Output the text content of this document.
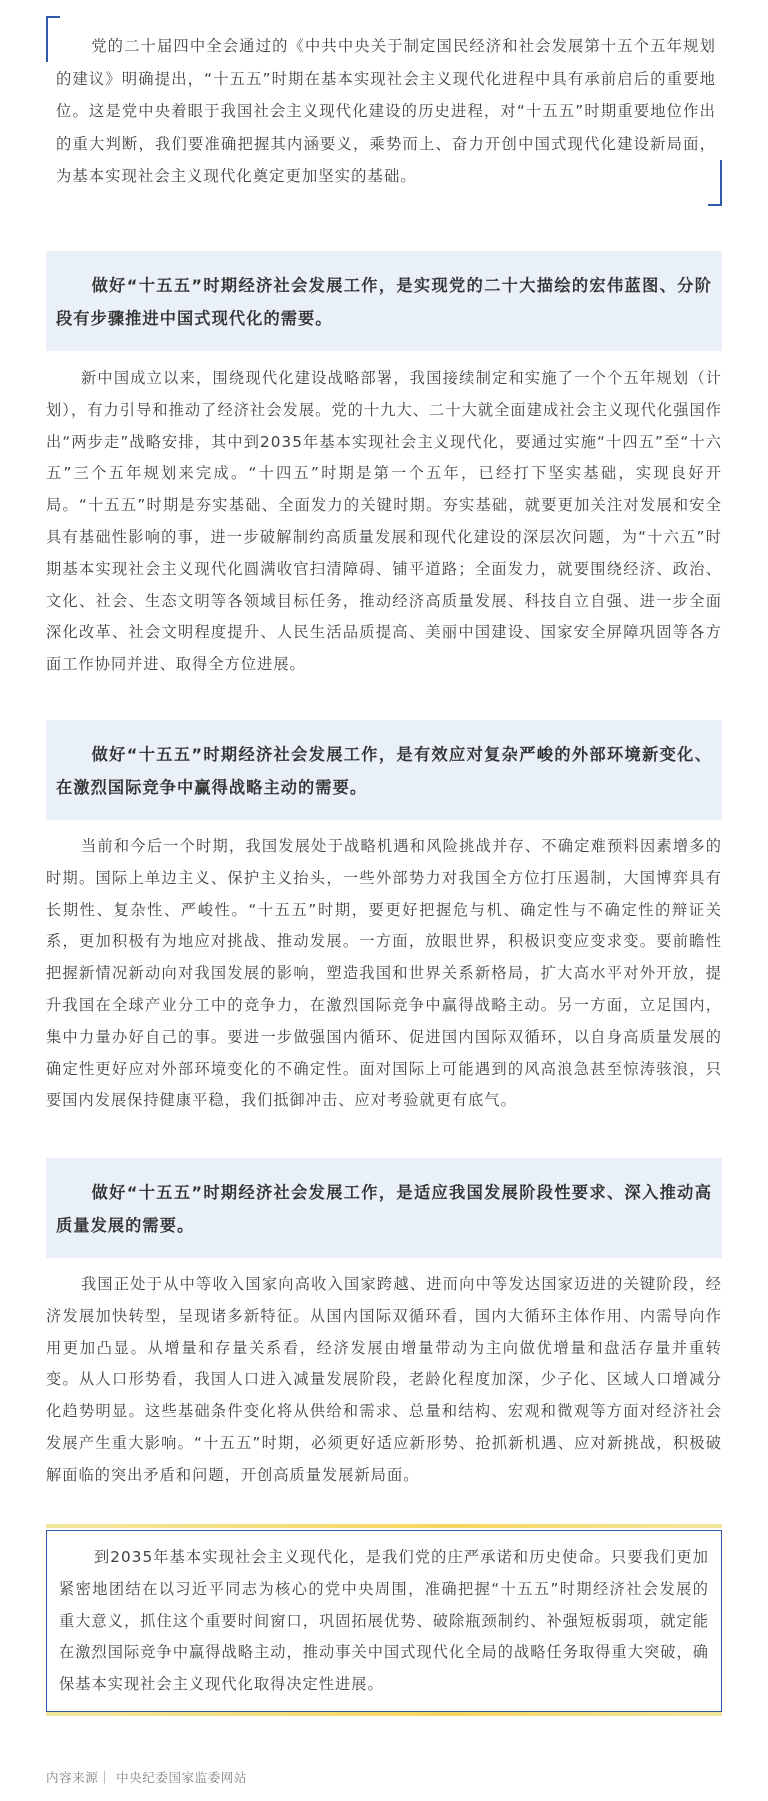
党的二十届四中全会通过的《中共中央关于制定国民经济和社会发展第十五个五年规划的建议》明确提出，“十五五”时期在基本实现社会主义现代化进程中具有承前启后的重要地位。这是党中央着眼于我国社会主义现代化建设的历史进程，对“十五五”时期重要地位作出的重大判断，我们要准确把握其内涵要义，乘势而上、奋力开创中国式现代化建设新局面，为基本实现社会主义现代化奠定更加坚实的基础。
做好“十五五”时期经济社会发展工作，是实现党的二十大描绘的宏伟蓝图、分阶段有步骤推进中国式现代化的需要。
新中国成立以来，围绕现代化建设战略部署，我国接续制定和实施了一个个五年规划（计划），有力引导和推动了经济社会发展。党的十九大、二十大就全面建成社会主义现代化强国作出“两步走”战略安排，其中到2035年基本实现社会主义现代化，要通过实施“十四五”至“十六五”三个五年规划来完成。“十四五”时期是第一个五年，已经打下坚实基础，实现良好开局。“十五五”时期是夯实基础、全面发力的关键时期。夯实基础，就要更加关注对发展和安全具有基础性影响的事，进一步破解制约高质量发展和现代化建设的深层次问题，为“十六五”时期基本实现社会主义现代化圆满收官扫清障碍、铺平道路；全面发力，就要围绕经济、政治、文化、社会、生态文明等各领域目标任务，推动经济高质量发展、科技自立自强、进一步全面深化改革、社会文明程度提升、人民生活品质提高、美丽中国建设、国家安全屏障巩固等各方面工作协同并进、取得全方位进展。
做好“十五五”时期经济社会发展工作，是有效应对复杂严峻的外部环境新变化、在激烈国际竞争中赢得战略主动的需要。
当前和今后一个时期，我国发展处于战略机遇和风险挑战并存、不确定难预料因素增多的时期。国际上单边主义、保护主义抬头，一些外部势力对我国全方位打压遏制，大国博弈具有长期性、复杂性、严峻性。“十五五”时期，要更好把握危与机、确定性与不确定性的辩证关系，更加积极有为地应对挑战、推动发展。一方面，放眼世界，积极识变应变求变。要前瞻性把握新情况新动向对我国发展的影响，塑造我国和世界关系新格局，扩大高水平对外开放，提升我国在全球产业分工中的竞争力，在激烈国际竞争中赢得战略主动。另一方面，立足国内，集中力量办好自己的事。要进一步做强国内循环、促进国内国际双循环，以自身高质量发展的确定性更好应对外部环境变化的不确定性。面对国际上可能遇到的风高浪急甚至惊涛骇浪，只要国内发展保持健康平稳，我们抵御冲击、应对考验就更有底气。
做好“十五五”时期经济社会发展工作，是适应我国发展阶段性要求、深入推动高质量发展的需要。
我国正处于从中等收入国家向高收入国家跨越、进而向中等发达国家迈进的关键阶段，经济发展加快转型，呈现诸多新特征。从国内国际双循环看，国内大循环主体作用、内需导向作用更加凸显。从增量和存量关系看，经济发展由增量带动为主向做优增量和盘活存量并重转变。从人口形势看，我国人口进入减量发展阶段，老龄化程度加深，少子化、区域人口增减分化趋势明显。这些基础条件变化将从供给和需求、总量和结构、宏观和微观等方面对经济社会发展产生重大影响。“十五五”时期，必须更好适应新形势、抢抓新机遇、应对新挑战，积极破解面临的突出矛盾和问题，开创高质量发展新局面。
到2035年基本实现社会主义现代化，是我们党的庄严承诺和历史使命。只要我们更加紧密地团结在以习近平同志为核心的党中央周围，准确把握“十五五”时期经济社会发展的重大意义，抓住这个重要时间窗口，巩固拓展优势、破除瓶颈制约、补强短板弱项，就定能在激烈国际竞争中赢得战略主动，推动事关中国式现代化全局的战略任务取得重大突破，确保基本实现社会主义现代化取得决定性进展。
内容来源｜ 中央纪委国家监委网站
